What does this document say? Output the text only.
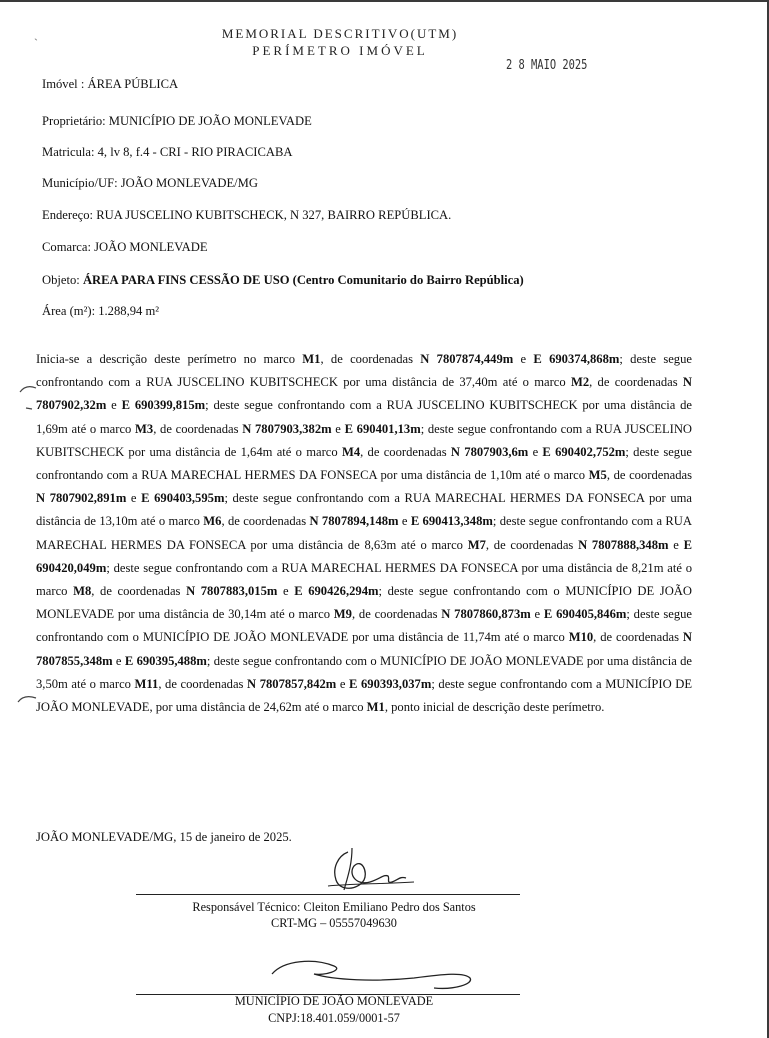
MEMORIAL DESCRITIVO(UTM)
PERÍMETRO IMÓVEL
2 8 MAIO 2025
`
Imóvel : ÁREA PÚBLICA
Proprietário: MUNICÍPIO DE JOÃO MONLEVADE
Matricula: 4, lv 8, f.4 - CRI - RIO PIRACICABA
Município/UF: JOÃO MONLEVADE/MG
Endereço: RUA JUSCELINO KUBITSCHECK, N 327, BAIRRO REPÚBLICA.
Comarca: JOÃO MONLEVADE
Objeto: ÁREA PARA FINS CESSÃO DE USO (Centro Comunitario do Bairro República)
Área (m²): 1.288,94 m²
Inicia-se a descrição deste perímetro no marco M1, de coordenadas N 7807874,449m e E 690374,868m; deste segue confrontando com a RUA JUSCELINO KUBITSCHECK por uma distância de 37,40m até o marco M2, de coordenadas N 7807902,32m e E 690399,815m; deste segue confrontando com a RUA JUSCELINO KUBITSCHECK por uma distância de 1,69m até o marco M3, de coordenadas N 7807903,382m e E 690401,13m; deste segue confrontando com a RUA JUSCELINO KUBITSCHECK por uma distância de 1,64m até o marco M4, de coordenadas N 7807903,6m e E 690402,752m; deste segue confrontando com a RUA MARECHAL HERMES DA FONSECA por uma distância de 1,10m até o marco M5, de coordenadas N 7807902,891m e E 690403,595m; deste segue confrontando com a RUA MARECHAL HERMES DA FONSECA por uma distância de 13,10m até o marco M6, de coordenadas N 7807894,148m e E 690413,348m; deste segue confrontando com a RUA MARECHAL HERMES DA FONSECA por uma distância de 8,63m até o marco M7, de coordenadas N 7807888,348m e E 690420,049m; deste segue confrontando com a RUA MARECHAL HERMES DA FONSECA por uma distância de 8,21m até o marco M8, de coordenadas N 7807883,015m e E 690426,294m; deste segue confrontando com o MUNICÍPIO DE JOÃO MONLEVADE por uma distância de 30,14m até o marco M9, de coordenadas N 7807860,873m e E 690405,846m; deste segue confrontando com o MUNICÍPIO DE JOÃO MONLEVADE por uma distância de 11,74m até o marco M10, de coordenadas N 7807855,348m e E 690395,488m; deste segue confrontando com o MUNICÍPIO DE JOÃO MONLEVADE por uma distância de 3,50m até o marco M11, de coordenadas N 7807857,842m e E 690393,037m; deste segue confrontando com a MUNICÍPIO DE JOÃO MONLEVADE, por uma distância de 24,62m até o marco M1, ponto inicial de descrição deste perímetro.
JOÃO MONLEVADE/MG, 15 de janeiro de 2025.
Responsável Técnico: Cleiton Emiliano Pedro dos Santos
CRT-MG – 05557049630
MUNICÍPIO DE JOÃO MONLEVADE
CNPJ:18.401.059/0001-57
